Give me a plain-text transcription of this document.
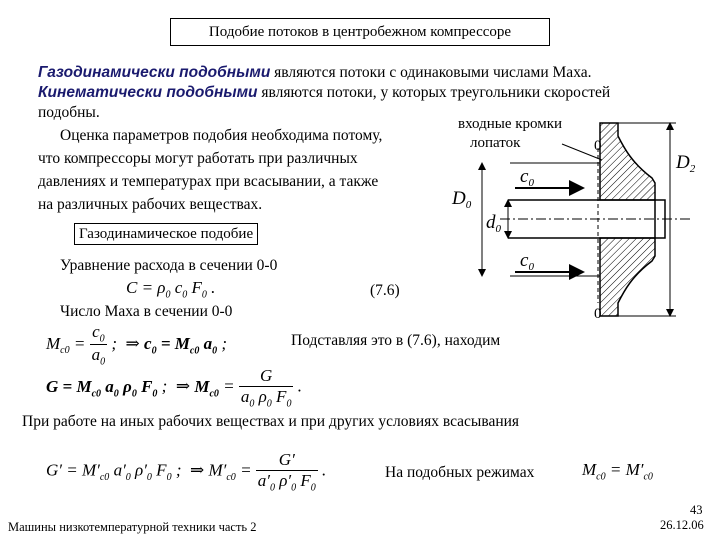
Подобие потоков в центробежном компрессоре
Газодинамически подобными являются потоки с одинаковыми числами Маха.
Кинематически подобными являются потоки, у которых треугольники скоростей
подобны.
Оценка параметров подобия необходима потому,
что компрессоры могут работать при различных
давлениях и температурах при всасывании, а также
на различных рабочих веществах.
Газодинамическое подобие
Уравнение расхода в сечении 0-0
$C = \rho_0$ $c_0$ $F_0$ .	(7.6)
Число Маха в сечении 0-0
$M_{c0} = \frac{c_0}{a_0}$ ;  ⇒ $c_0 = M_{c0}$ $a_0$ ;	Подставляя это в (7.6), находим
$G = M_{c0}$ $a_0$ $\rho_0$ $F_0$ ;  ⇒ $M_{c0} = \frac{G}{a_0 \rho_0 F_0}$ .
При работе на иных рабочих веществах и при других условиях всасывания
$G' = M'_{c0}$ $a'_0$ $\rho'_0$ $F_0$ ;  ⇒ $M'_{c0} = \frac{G'}{a'_0 \rho'_0 F_0}$ .	На подобных режимах	$M_{c0} = M'_{c0}$
Машины низкотемпературной техники часть 2
43
26.12.06
0
0
входные кромки
лопаток
$c_0$
$c_0$
$D_0$
$d_0$
$D_2$
